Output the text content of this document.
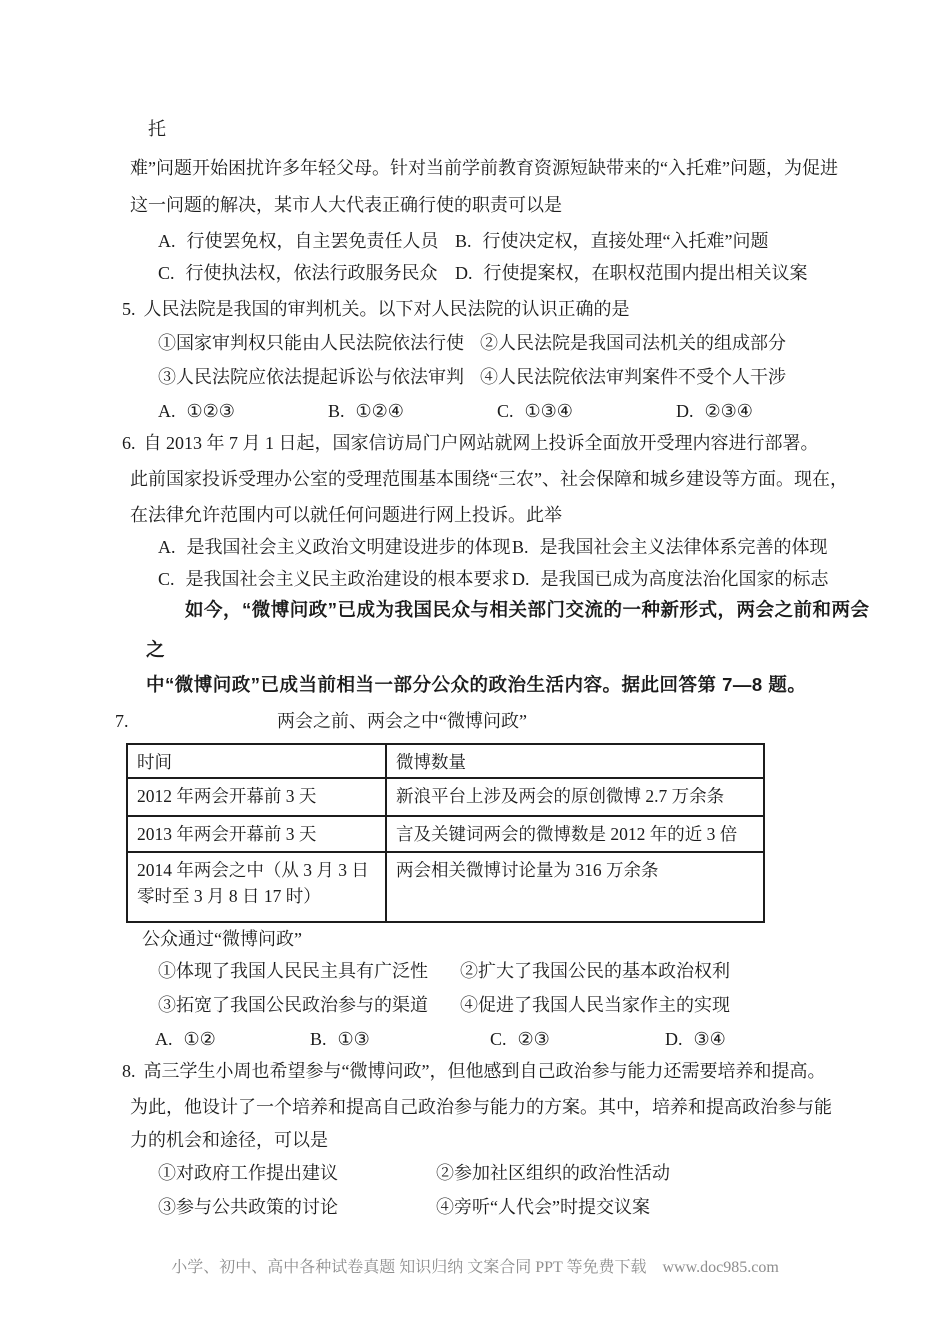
托
难”问题开始困扰许多年轻父母。针对当前学前教育资源短缺带来的“入托难”问题，为促进
这一问题的解决，某市人大代表正确行使的职责可以是
A. 行使罢免权，自主罢免责任人员 B. 行使决定权，直接处理“入托难”问题
C. 行使执法权，依法行政服务民众 D. 行使提案权，在职权范围内提出相关议案
5. 人民法院是我国的审判机关。以下对人民法院的认识正确的是
①国家审判权只能由人民法院依法行使 ②人民法院是我国司法机关的组成部分
③人民法院应依法提起诉讼与依法审判 ④人民法院依法审判案件不受个人干涉
A. ①②③	B. ①②④	C. ①③④	D. ②③④
6. 自 2013 年 7 月 1 日起，国家信访局门户网站就网上投诉全面放开受理内容进行部署。
此前国家投诉受理办公室的受理范围基本围绕“三农”、社会保障和城乡建设等方面。现在，
在法律允许范围内可以就任何问题进行网上投诉。此举
A. 是我国社会主义政治文明建设进步的体现 B. 是我国社会主义法律体系完善的体现
C. 是我国社会主义民主政治建设的根本要求 D. 是我国已成为高度法治化国家的标志
如今，“微博问政”已成为我国民众与相关部门交流的一种新形式，两会之前和两会
之
中“微博问政”已成当前相当一部分公众的政治生活内容。据此回答第 7—8 题。
7.	两会之前、两会之中“微博问政”
时间	微博数量
2012 年两会开幕前 3 天	新浪平台上涉及两会的原创微博 2.7 万余条
2013 年两会开幕前 3 天	言及关键词两会的微博数是 2012 年的近 3 倍
2014 年两会之中（从 3 月 3 日零时至 3 月 8 日 17 时）	两会相关微博讨论量为 316 万余条
公众通过“微博问政”
①体现了我国人民民主具有广泛性 ②扩大了我国公民的基本政治权利
③拓宽了我国公民政治参与的渠道 ④促进了我国人民当家作主的实现
A. ①②	B. ①③	C. ②③	D. ③④
8. 高三学生小周也希望参与“微博问政”，但他感到自己政治参与能力还需要培养和提高。
为此，他设计了一个培养和提高自己政治参与能力的方案。其中，培养和提高政治参与能
力的机会和途径，可以是
①对政府工作提出建议	②参加社区组织的政治性活动
③参与公共政策的讨论	④旁听“人代会”时提交议案
小学、初中、高中各种试卷真题 知识归纳 文案合同 PPT 等免费下载 www.doc985.com
